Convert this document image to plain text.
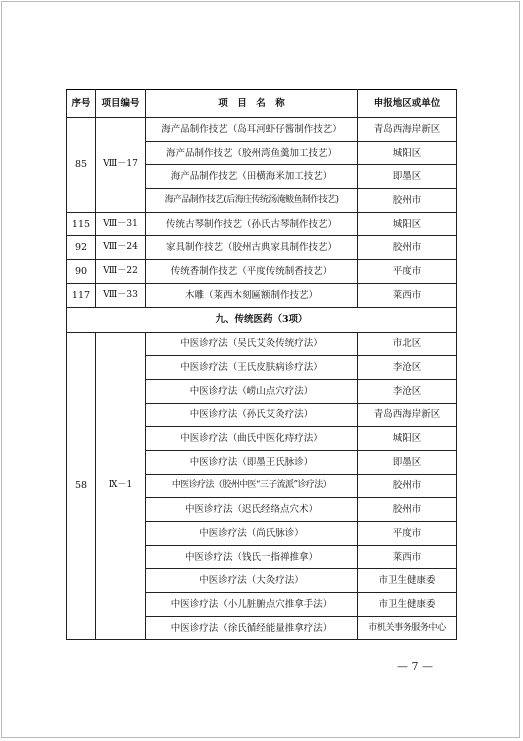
序号	项目编号	项　目　名　称	申报地区或单位
85	Ⅷ－17	海产品制作技艺（岛耳河虾仔酱制作技艺）	青岛西海岸新区
		海产品制作技艺（胶州湾鱼羹加工技艺）	城阳区
		海产品制作技艺（田横海米加工技艺）	即墨区
		海产品制作技艺(后海庄传统汤淹鲅鱼制作技艺)	胶州市
115	Ⅷ－31	传统古琴制作技艺（孙氏古琴制作技艺）	城阳区
92	Ⅷ－24	家具制作技艺（胶州古典家具制作技艺）	胶州市
90	Ⅷ－22	传统香制作技艺（平度传统制香技艺）	平度市
117	Ⅷ－33	木雕（莱西木刻匾额制作技艺）	莱西市
九、传统医药（3项）			
58	Ⅸ－1	中医诊疗法（吴氏艾灸传统疗法）	市北区
		中医诊疗法（王氏皮肤病诊疗法）	李沧区
		中医诊疗法（崂山点穴疗法）	李沧区
		中医诊疗法（孙氏艾灸疗法）	青岛西海岸新区
		中医诊疗法（曲氏中医化痔疗法）	城阳区
		中医诊疗法（即墨王氏脉诊）	即墨区
		中医诊疗法（胶州中医“三子流派”诊疗法）	胶州市
		中医诊疗法（迟氏经络点穴术）	胶州市
		中医诊疗法（尚氏脉诊）	平度市
		中医诊疗法（钱氏一指禅推拿）	莱西市
		中医诊疗法（大灸疗法）	市卫生健康委
		中医诊疗法（小儿脏腑点穴推拿手法）	市卫生健康委
		中医诊疗法（徐氏循经能量推拿疗法）	市机关事务服务中心
— 7 —
